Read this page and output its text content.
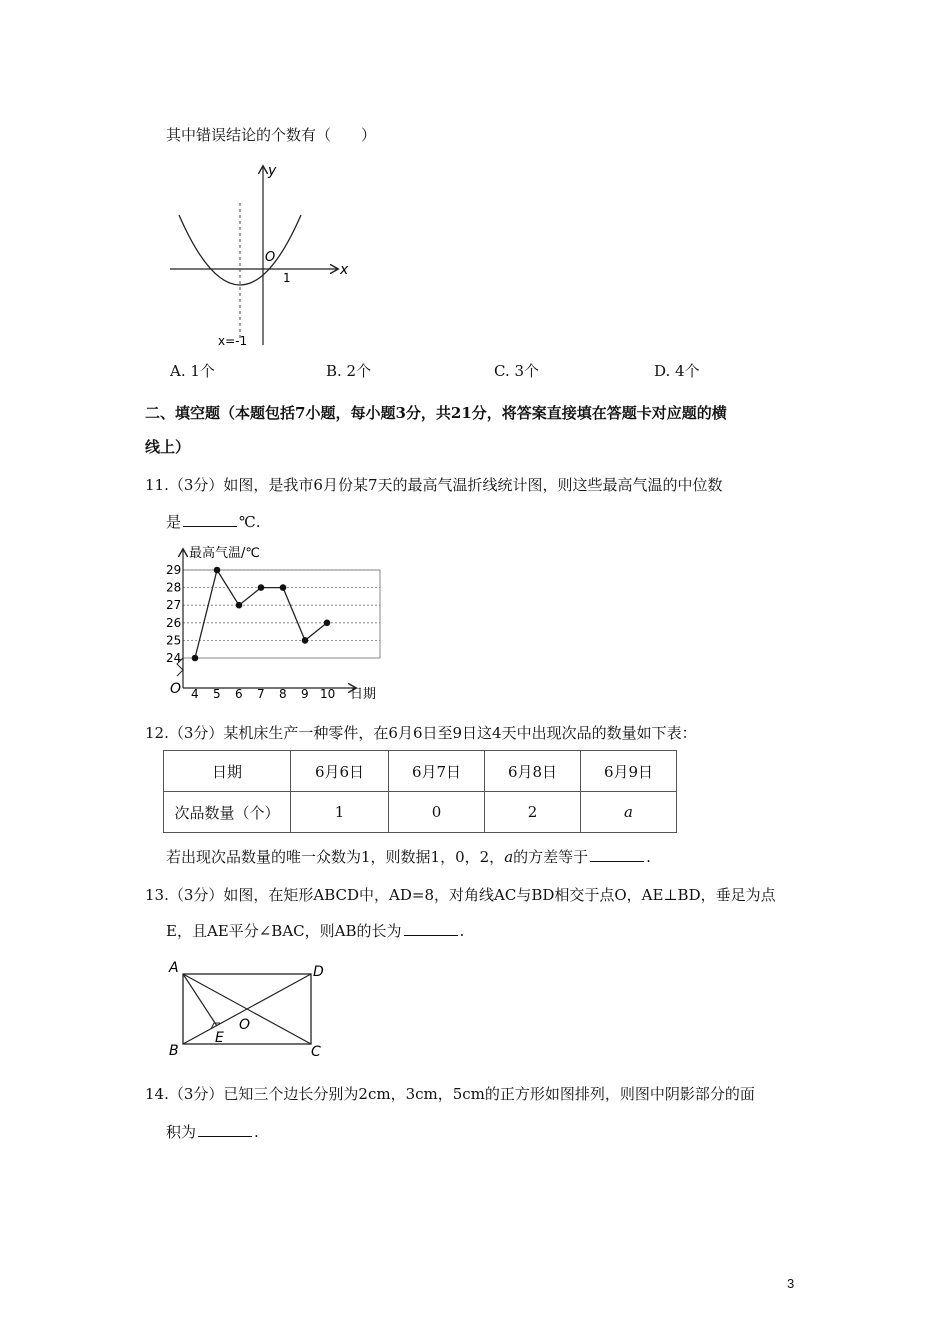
其中错误结论的个数有（　　）
y
x
O
1
x=-1
A. 1个	B. 2个	C. 3个	D. 4个
二、填空题（本题包括7小题，每小题3分，共21分，将答案直接填在答题卡对应题的横
线上）
11.（3分）如图，是我市6月份某7天的最高气温折线统计图，则这些最高气温的中位数
是	℃.
24
25
26
27
28
29
4 5 6 7 8 9 10
最高气温/℃
日期
O
12.（3分）某机床生产一种零件，在6月6日至9日这4天中出现次品的数量如下表：
日期	6月6日	6月7日	6月8日	6月9日
次品数量（个）	1	0	2	a
若出现次品数量的唯一众数为1，则数据1，0，2，a的方差等于	.
13.（3分）如图，在矩形ABCD中，AD=8，对角线AC与BD相交于点O，AE⊥BD，垂足为点
E，且AE平分∠BAC，则AB的长为	.
A	D
B	C
E
O
14.（3分）已知三个边长分别为2cm，3cm，5cm的正方形如图排列，则图中阴影部分的面
积为	.
3
